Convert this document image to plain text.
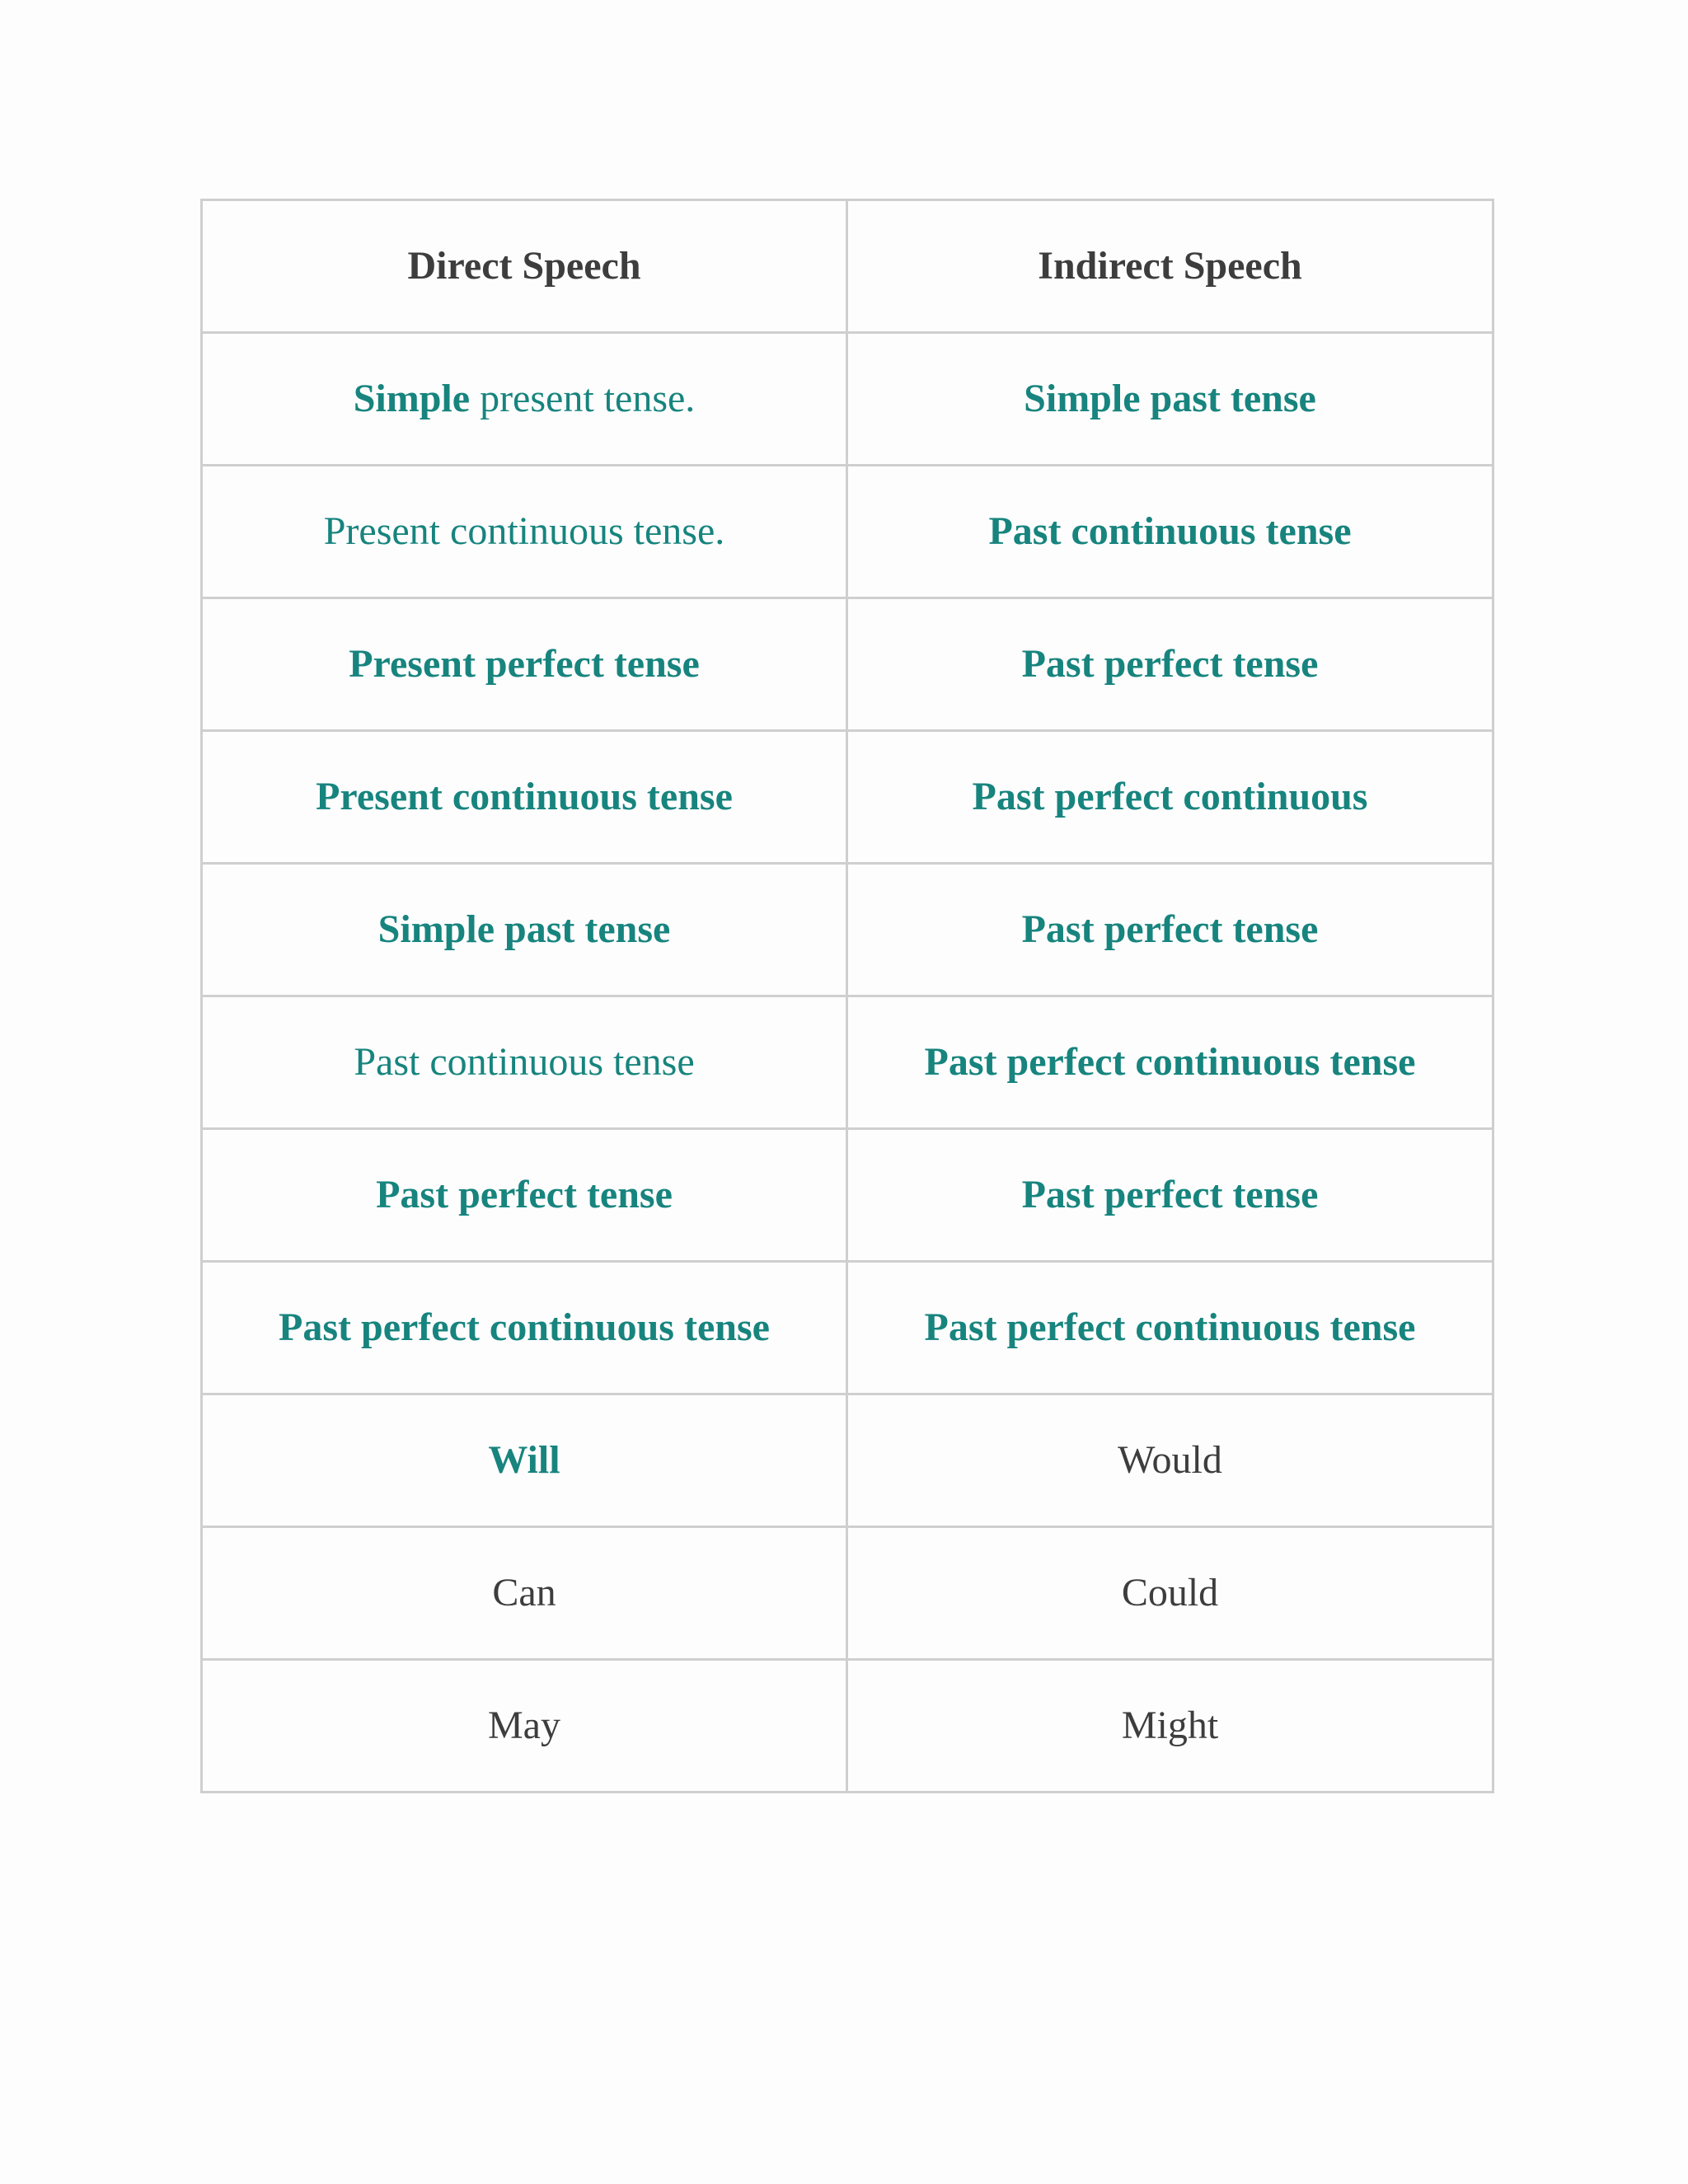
Direct Speech	Indirect Speech
Simple present tense.	Simple past tense
Present continuous tense.	Past continuous tense
Present perfect tense	Past perfect tense
Present continuous tense	Past perfect continuous
Simple past tense	Past perfect tense
Past continuous tense	Past perfect continuous tense
Past perfect tense	Past perfect tense
Past perfect continuous tense	Past perfect continuous tense
Will	Would
Can	Could
May	Might
